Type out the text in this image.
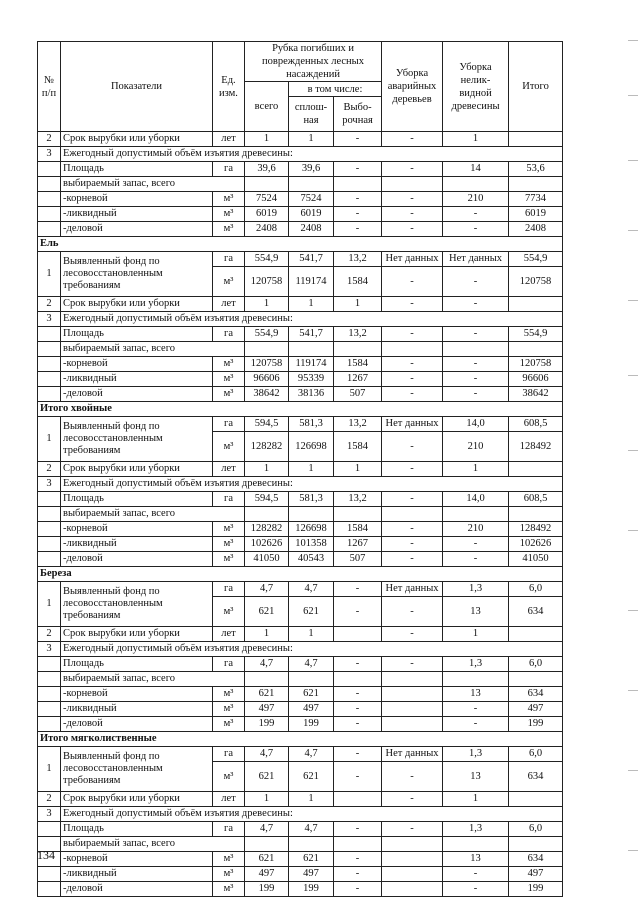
№ п/п	Показатели	Ед. изм.	Рубка погибших и поврежденных лесных насаждений			Уборка аварийных деревьев	Уборка нелик-видной древесины	Итого
			всего	в том числе:				
				сплош-ная	Выбо-рочная			
2	Срок вырубки или уборки	лет	1	1	-	-	1	
3	Ежегодный допустимый объём изъятия древесины:							
	Площадь	га	39,6	39,6	-	-	14	53,6
	выбираемый запас, всего							
	-корневой	м³	7524	7524	-	-	210	7734
	-ликвидный	м³	6019	6019	-	-	-	6019
	-деловой	м³	2408	2408	-	-	-	2408
Ель								
1	Выявленный фонд по лесовосстановленным требованиям	га	554,9	541,7	13,2	Нет данных	Нет данных	554,9
		м³	120758	119174	1584	-	-	120758
2	Срок вырубки или уборки	лет	1	1	1	-	-	
3	Ежегодный допустимый объём изъятия древесины:							
	Площадь	га	554,9	541,7	13,2	-	-	554,9
	выбираемый запас, всего							
	-корневой	м³	120758	119174	1584	-	-	120758
	-ликвидный	м³	96606	95339	1267	-	-	96606
	-деловой	м³	38642	38136	507	-	-	38642
Итого хвойные								
1	Выявленный фонд по лесовосстановленным требованиям	га	594,5	581,3	13,2	Нет данных	14,0	608,5
		м³	128282	126698	1584	-	210	128492
2	Срок вырубки или уборки	лет	1	1	1	-	1	
3	Ежегодный допустимый объём изъятия древесины:							
	Площадь	га	594,5	581,3	13,2	-	14,0	608,5
	выбираемый запас, всего							
	-корневой	м³	128282	126698	1584	-	210	128492
	-ликвидный	м³	102626	101358	1267	-	-	102626
	-деловой	м³	41050	40543	507	-	-	41050
Береза								
1	Выявленный фонд по лесовосстановленным требованиям	га	4,7	4,7	-	Нет данных	1,3	6,0
		м³	621	621	-	-	13	634
2	Срок вырубки или уборки	лет	1	1		-	1	
3	Ежегодный допустимый объём изъятия древесины:							
	Площадь	га	4,7	4,7	-	-	1,3	6,0
	выбираемый запас, всего							
	-корневой	м³	621	621	-		13	634
	-ликвидный	м³	497	497	-		-	497
	-деловой	м³	199	199	-		-	199
Итого мягколиственные								
1	Выявленный фонд по лесовосстановленным требованиям	га	4,7	4,7	-	Нет данных	1,3	6,0
		м³	621	621	-	-	13	634
2	Срок вырубки или уборки	лет	1	1		-	1	
3	Ежегодный допустимый объём изъятия древесины:							
	Площадь	га	4,7	4,7	-	-	1,3	6,0
	выбираемый запас, всего							
	-корневой	м³	621	621	-		13	634
	-ликвидный	м³	497	497	-		-	497
	-деловой	м³	199	199	-		-	199
134
